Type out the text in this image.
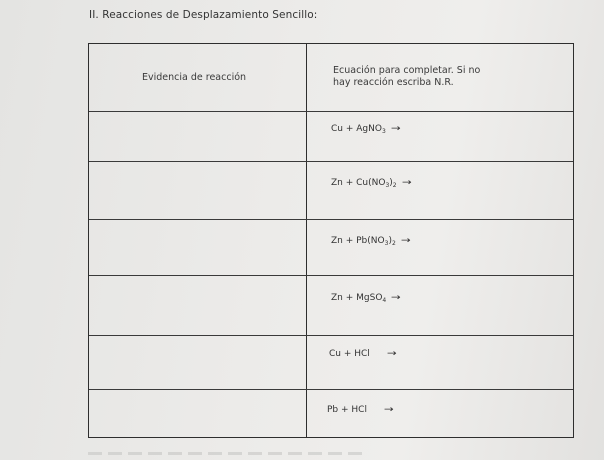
II. Reacciones de Desplazamiento Sencillo:
Evidencia de reacción
Ecuación para completar. Si no
hay reacción escriba N.R.
Cu + AgNO$_3$ →
$Zn + Cu(NO_3)_2$ →
$Zn + Pb(NO_3)_2$ →
Zn + MgSO$_4$ →
Cu + HCl →
Pb + HCl →
